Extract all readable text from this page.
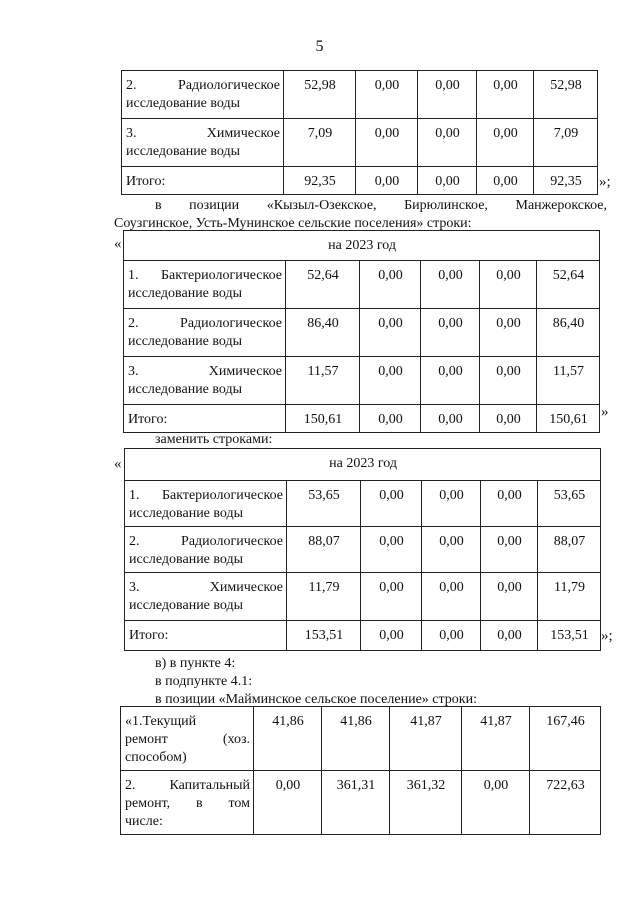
5
2. Радиологическое
исследование воды	52,98	0,00	0,00	0,00	52,98

3. Химическое
исследование воды	7,09	0,00	0,00	0,00	7,09
Итого:	92,35	0,00	0,00	0,00	92,35 »;
в позиции «Кызыл-Озекское, Бирюлинское, Манжерокское,
Соузгинское, Усть-Мунинское сельские поселения» строки:
«	на 2023 год					

1. Бактериологическое
исследование воды	52,64	0,00	0,00	0,00	52,64

2. Радиологическое
исследование воды	86,40	0,00	0,00	0,00	86,40

3. Химическое
исследование воды	11,57	0,00	0,00	0,00	11,57
Итого:	150,61	0,00	0,00	0,00	150,61 »
заменить строками:
«	на 2023 год					

1. Бактериологическое
исследование воды	53,65	0,00	0,00	0,00	53,65

2. Радиологическое
исследование воды	88,07	0,00	0,00	0,00	88,07

3. Химическое
исследование воды	11,79	0,00	0,00	0,00	11,79
Итого:	153,51	0,00	0,00	0,00	153,51 »;
в) в пункте 4:
в подпункте 4.1:
в позиции «Майминское сельское поселение» строки:
«1.Текущий
ремонт (хоз.
способом)	41,86	41,86	41,87	41,87	167,46

2. Капитальный
ремонт, в том
числе:	0,00	361,31	361,32	0,00	722,63
